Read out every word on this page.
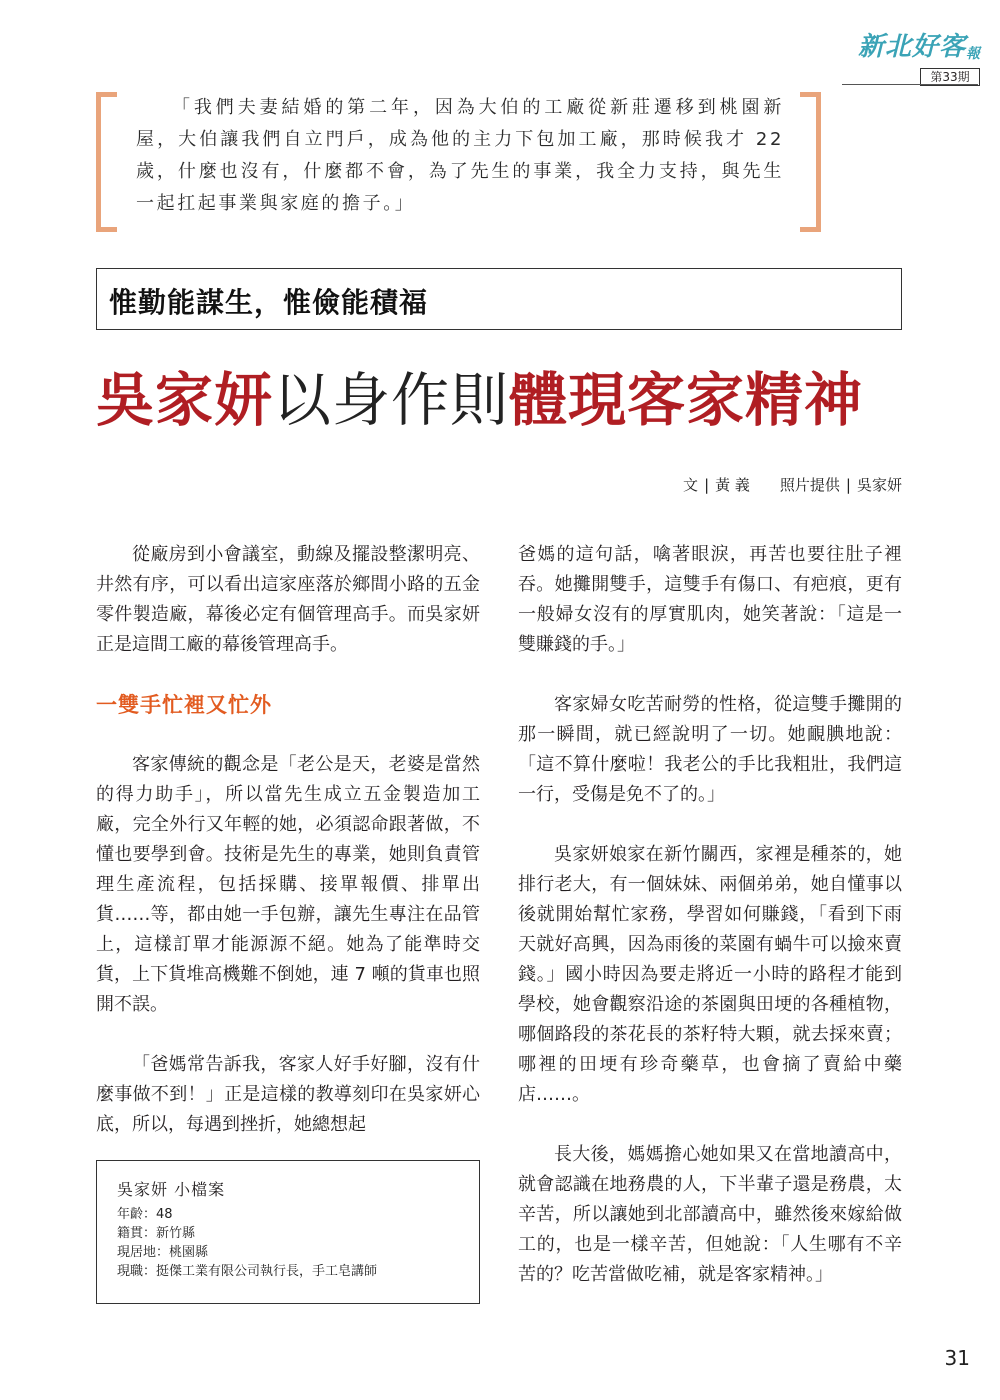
新北好客報
第33期

「我們夫妻結婚的第二年，因為大伯的工廠從新莊遷移到桃園新屋，大伯讓我們自立門戶，成為他的主力下包加工廠，那時候我才 22 歲，什麼也沒有，什麼都不會，為了先生的事業，我全力支持，與先生一起扛起事業與家庭的擔子。」

惟勤能謀生，惟儉能積福
吳家妍以身作則體現客家精神
文 | 黃 義 照片提供 | 吳家妍

從廠房到小會議室，動線及擺設整潔明亮、井然有序，可以看出這家座落於鄉間小路的五金零件製造廠，幕後必定有個管理高手。而吳家妍正是這間工廠的幕後管理高手。

一雙手忙裡又忙外

客家傳統的觀念是「老公是天，老婆是當然的得力助手」，所以當先生成立五金製造加工廠，完全外行又年輕的她，必須認命跟著做，不懂也要學到會。技術是先生的專業，她則負責管理生產流程，包括採購、接單報價、排單出貨……等，都由她一手包辦，讓先生專注在品管上，這樣訂單才能源源不絕。她為了能準時交貨，上下貨堆高機難不倒她，連 7 噸的貨車也照開不誤。

「爸媽常告訴我，客家人好手好腳，沒有什麼事做不到！」正是這樣的教導刻印在吳家妍心底，所以，每遇到挫折，她總想起

爸媽的這句話，噙著眼淚，再苦也要往肚子裡吞。她攤開雙手，這雙手有傷口、有疤痕，更有一般婦女沒有的厚實肌肉，她笑著說：「這是一雙賺錢的手。」

客家婦女吃苦耐勞的性格，從這雙手攤開的那一瞬間，就已經說明了一切。她靦腆地說：「這不算什麼啦！我老公的手比我粗壯，我們這一行，受傷是免不了的。」

吳家妍娘家在新竹關西，家裡是種茶的，她排行老大，有一個妹妹、兩個弟弟，她自懂事以後就開始幫忙家務，學習如何賺錢，「看到下雨天就好高興，因為雨後的菜園有蝸牛可以撿來賣錢。」國小時因為要走將近一小時的路程才能到學校，她會觀察沿途的茶園與田埂的各種植物，哪個路段的茶花長的茶籽特大顆，就去採來賣；哪裡的田埂有珍奇藥草，也會摘了賣給中藥店……。

長大後，媽媽擔心她如果又在當地讀高中，就會認識在地務農的人，下半輩子還是務農，太辛苦，所以讓她到北部讀高中，雖然後來嫁給做工的，也是一樣辛苦，但她說：「人生哪有不辛苦的？吃苦當做吃補，就是客家精神。」

吳家妍 小檔案
年齡：48
籍貫：新竹縣
現居地：桃園縣
現職：挺傑工業有限公司執行長，手工皂講師
31
